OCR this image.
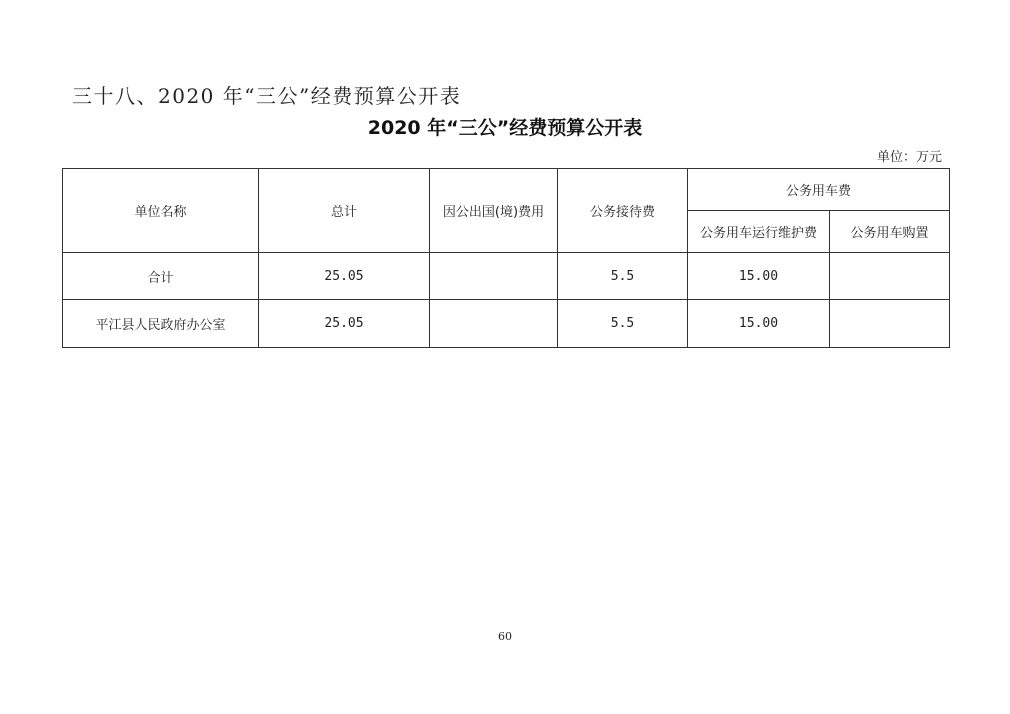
三十八、2020 年“三公”经费预算公开表
2020 年“三公”经费预算公开表
单位：万元
单位名称	总计	因公出国(境)费用	公务接待费	公务用车费	
				公务用车运行维护费	公务用车购置
合计	25.05		5.5	15.00	
平江县人民政府办公室	25.05		5.5	15.00	
60
